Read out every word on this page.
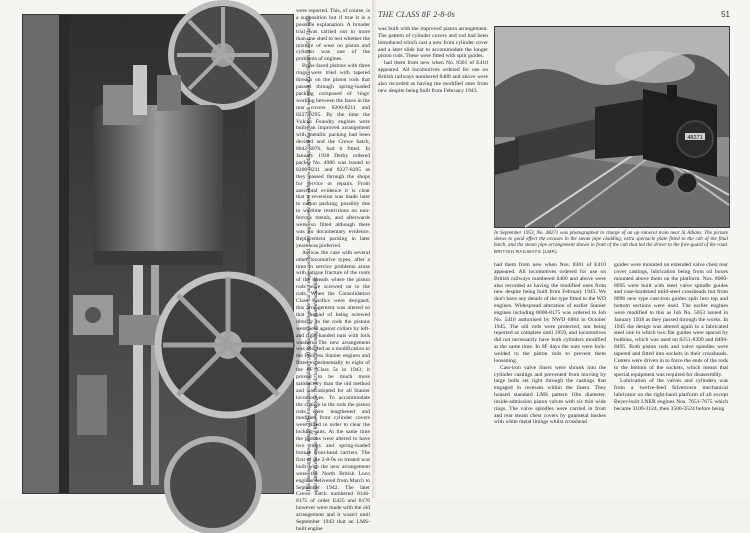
This photograph shows details of the long piston rod, slidebars and motion with split guide-bar and single crosshead. Later engines were fitted with screw couplings, and the photograph was taken at Darlington in 1951. The valve gear fitted to this engine is of Walschaerts type; the lubricator on the framing drove from the union link.

were reported. This, of course, is a supposition but if true it is a possible explanation. A broader trial was carried out in more than one shed to test whether the mixture of wear on piston and cylinder was one of the problems of engines.

Brass-faced pistons with three rings were tried with tapered threads on the piston rods that passed through spring-loaded packing composed of 'rings' working between the faces in the rear covers 8200-8211 and 8227-8295. By the time the Vulcan Foundry engines were built, an improved arrangement with metallic packing had been devised and the Crewe batch, 8042-8076, had it fitted. In January 1938 Derby ordered packs, No. 4986 was issued to 8200-8211 and 8227-8295 as they passed through the shops for service or repairs. From anecdotal evidence it is clear that a reversion was made later to cotton packing, possibly due to wartime restrictions on non-ferrous metals, and afterwards were so fitted although there was no documentary evidence. Replacement packing in later years was preferred.

As was the case with several other locomotive types, after a time in service problems arose with fatigue fracture of the roots of the threads where the piston rods were screwed on to the rods. When the Consolidation Class Pacifics were designed, this arrangement was altered so that instead of being screwed directly to the rods the pistons were held against collars by left- and right-handed nuts with lock washers. The new arrangement was adopted as a modification to the Princess Stanier engines and fitted experimentally to eight of the 8F Class 5s in 1943; it proved to be much more satisfactory than the old method and was adopted for all Stanier locomotives. To accommodate the change in the rods the piston rods were lengthened and modified front cylinder covers were fitted in order to clear the locking nuts. At the same time the pistons were altered to have two rings and spring-loaded bronze front-head carriers. The first of the 2-8-0s so treated was built with the new arrangement were the North British Loco engines delivered from March to September 1942. The later Crewe batch numbered 8146-8175 of order E425 and 8176 however were made with the old arrangement and it wasn't until September 1943 that an LMS-built engine

THE CLASS 8F 2-8-0s	51
48271
In September 1953, No. 48271 was photographed in charge of an up mineral train near St Albans. The picture shows to good effect the excuses in the steam pipe cladding, extra spectacle plate fitted to the cab of the final batch, and the steam pipe arrangement shown in front of the cab that led the driver to the fore-guard of the road. BRITISH RAILWAYS (LMR)

was built with the improved piston arrangement. The pattern of cylinder covers and rod had been introduced which cast a new front cylinder cover and a later slide bar to accommodate the longer piston rods. These were fitted with split guides.

had them from new when No. 8301 of E410 appeared. All locomotives ordered for use on British railways numbered 8400 and above were also recorded as having the modified ones from new despite being built from February 1943.

had them from new when Nos. 8301 of E410 appeared. All locomotives ordered for use on British railways numbered 8400 and above were also recorded as having the modified ones from new despite being built from February 1943. We don't have any details of the type fitted to the WD engines. Widespread alteration of earlier Stanier engines including 8000-8175 was ordered to Job No. 5416 authorised by NWD 6884 in October 1945. The old rods were protected, not being reported as complete until 1959, and locomotives did not necessarily have both cylinders modified at the same time. In 8F days the nuts were lock-welded to the piston rods to prevent them loosening.

Cast-iron valve liners were shrunk into the cylinder castings and prevented from moving by large bolts set right through the castings that engaged in recesses within the liners. They housed standard LMS pattern 10in diameter, inside-admission piston valves with six thin wide rings. The valve spindles were carried in front and rear steam chest covers by gunmetal bushes with white metal linings whilst crosshead

guides were mounted on extended valve chest rear cover castings, lubrication being from oil boxes mounted above them on the platform. Nos. 8000-8095 were built with steel valve spindle guides and case-hardened mild-steel crossheads but from 8096 new type cast-iron guides split into top and bottom sections were used. The earlier engines were modified to this as Job No. 5053 issued in January 1938 as they passed through the works. In 1945 the design was altered again to a fabricated steel one in which two flat guides were spaced by bobbins, which was used on 8251-8399 and 8490-8495. Both piston rods and valve spindles were tapered and fitted into sockets in their crossheads. Cotters were driven in to force the ends of the rods to the bottom of the sockets, which meant that special equipment was required for disassembly.

Lubrication of the valves and cylinders was from a twelve-feed Silvertown mechanical lubricator on the right-hand platform of all except Beyer-built LNER engines Nos. 7651-7675 which became 3100-3124, then 3500-3524 before being
